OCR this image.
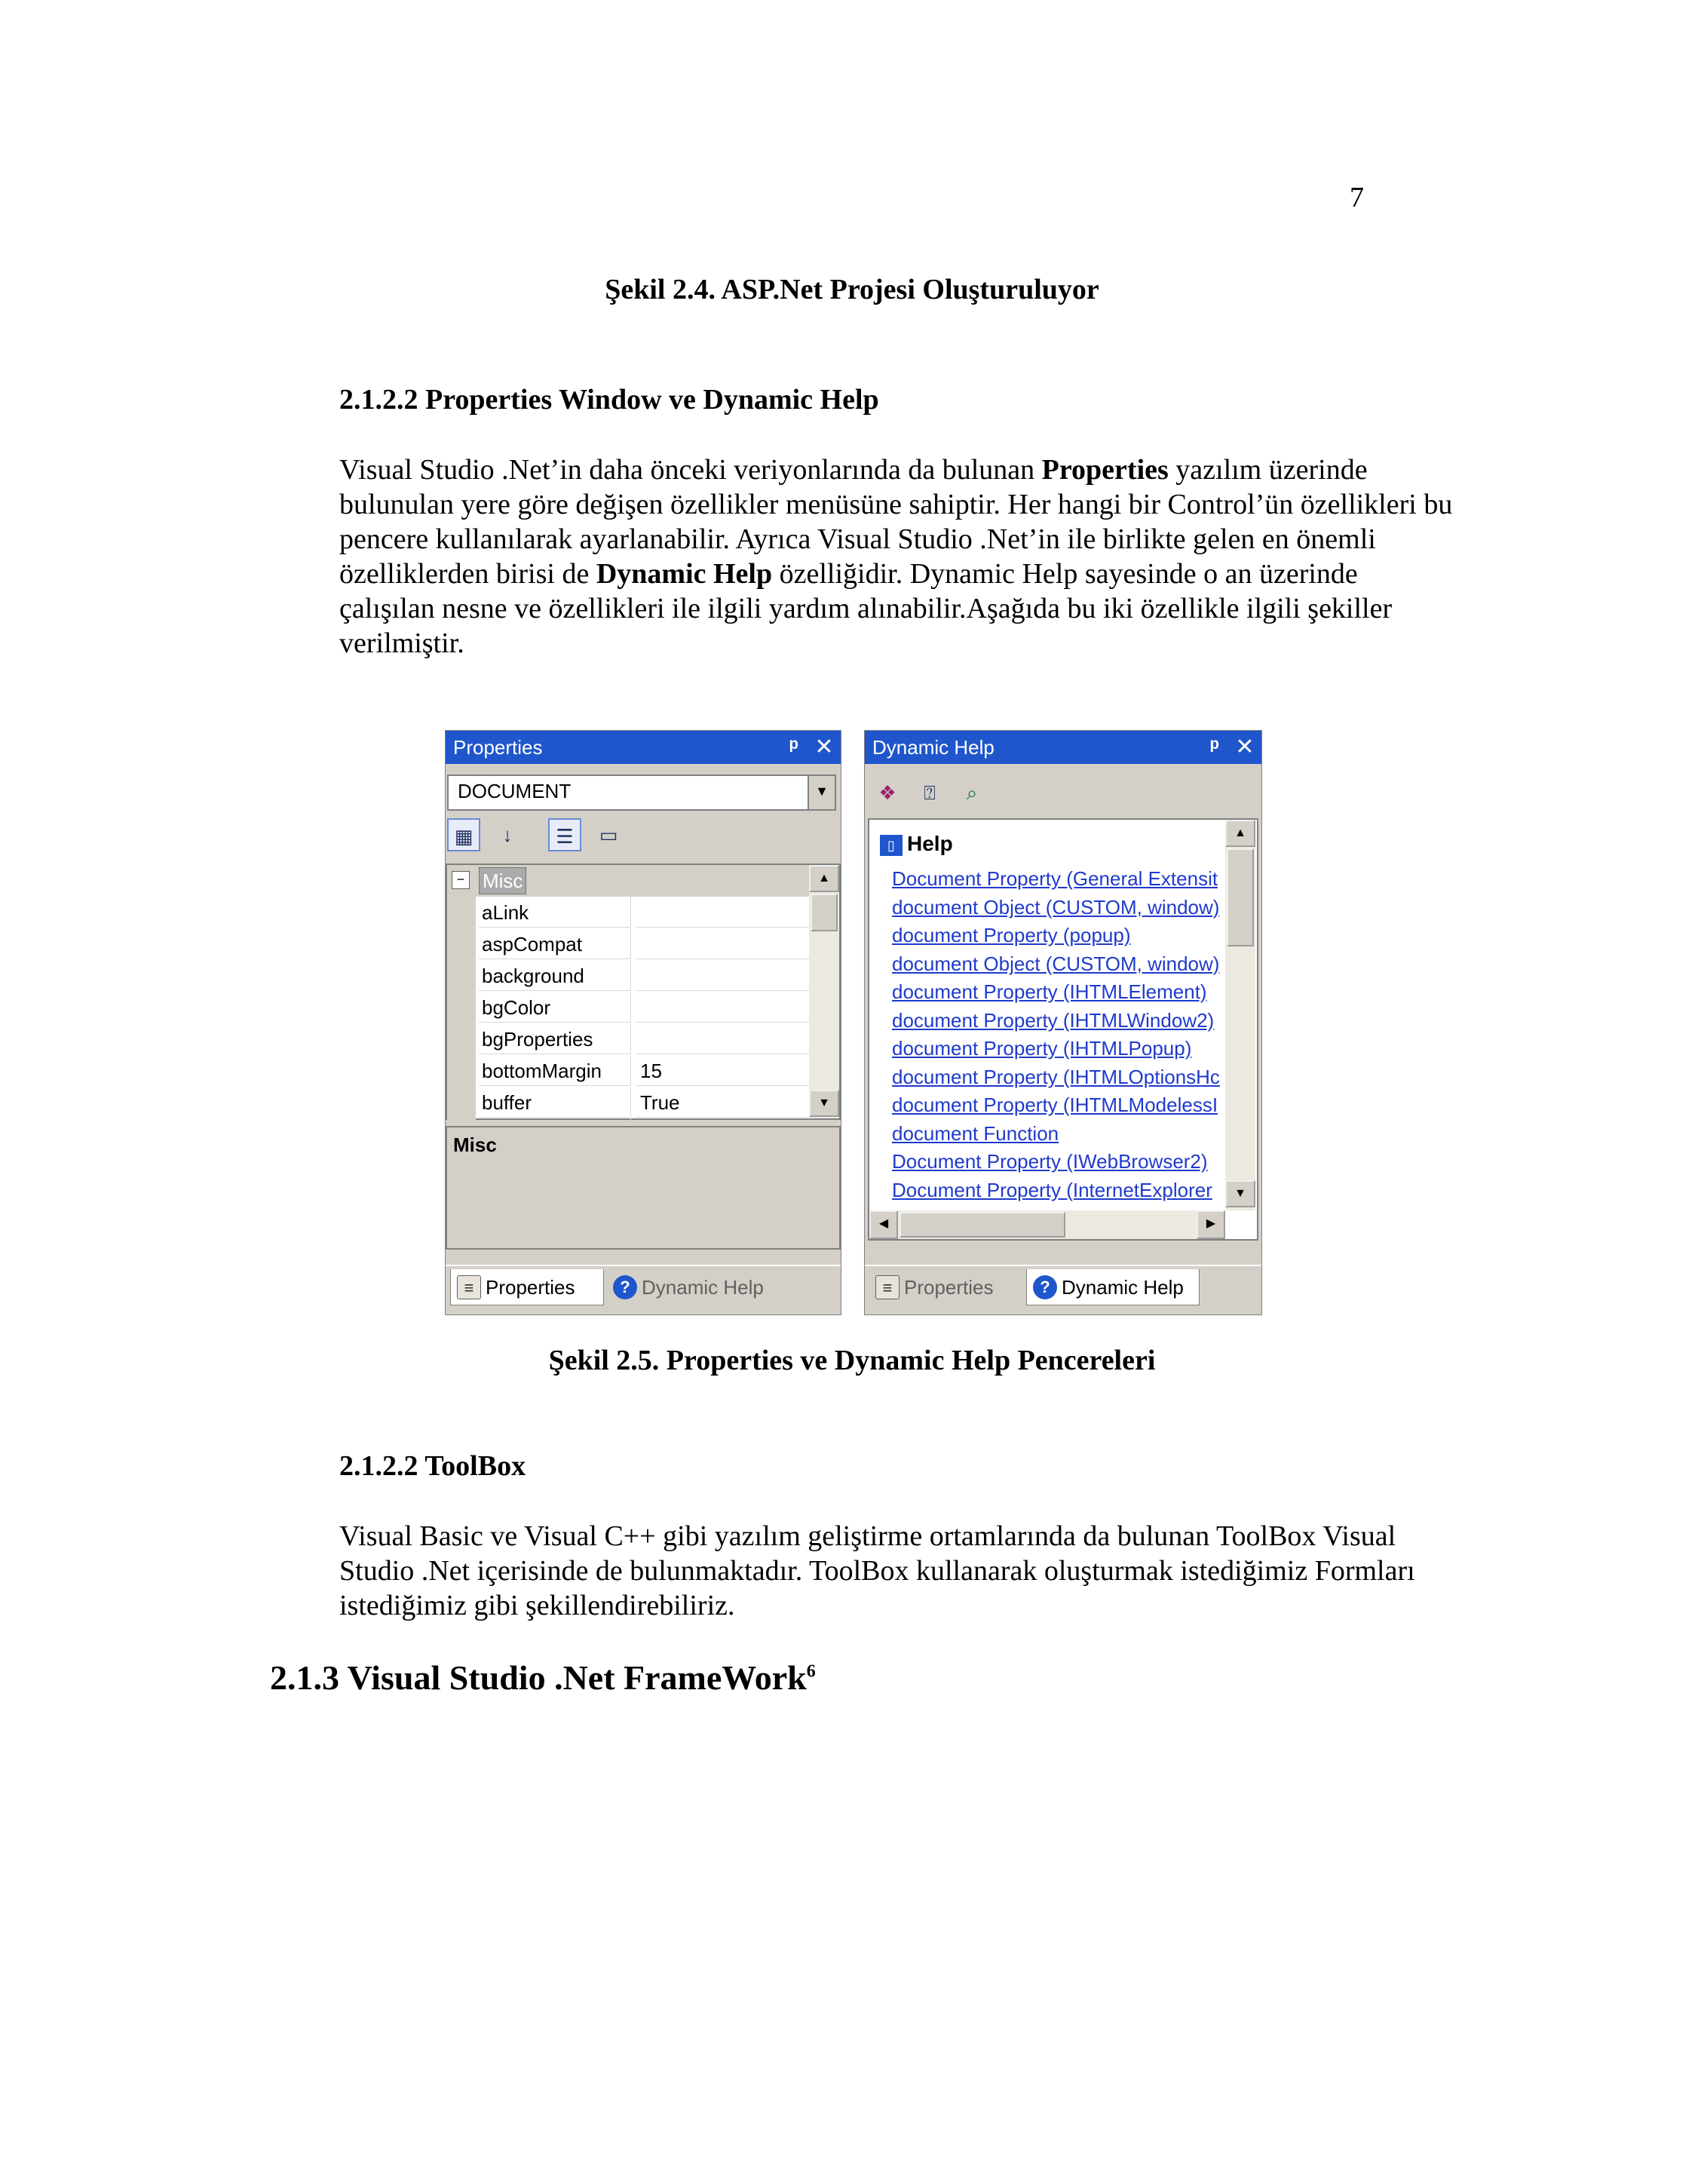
7
Şekil 2.4. ASP.Net Projesi Oluşturuluyor
2.1.2.2 Properties Window ve Dynamic Help

Visual Studio .Net’in daha önceki veriyonlarında da bulunan Properties yazılım üzerinde bulunulan yere göre değişen özellikler menüsüne sahiptir. Her hangi bir Control’ün özellikleri bu pencere kullanılarak ayarlanabilir. Ayrıca Visual Studio .Net’in ile birlikte gelen en önemli özelliklerden birisi de Dynamic Help özelliğidir. Dynamic Help sayesinde o an üzerinde çalışılan nesne ve özellikleri ile ilgili yardım alınabilir.Aşağıda bu iki özellikle ilgili şekiller verilmiştir.

Properties	ᵖ ✕
DOCUMENT	▼
▦	↓	☰	▭
− Misc
aLink
aspCompat
background
bgColor
bgProperties
bottomMargin	15
buffer	True
▲
▼
Misc
≡ Properties	? Dynamic Help
Dynamic Help	ᵖ ✕
❖	⍰	⌕
▯ Help
Document Property (General Extensit
document Object (CUSTOM, window)
document Property (popup)
document Object (CUSTOM, window)
document Property (IHTMLElement)
document Property (IHTMLWindow2)
document Property (IHTMLPopup)
document Property (IHTMLOptionsHc
document Property (IHTMLModelessI
document Function
Document Property (IWebBrowser2)
Document Property (InternetExplorer
▲
▼
◀	▶
≡ Properties	? Dynamic Help
Şekil 2.5. Properties ve Dynamic Help Pencereleri
2.1.2.2 ToolBox

Visual Basic ve Visual C++ gibi yazılım geliştirme ortamlarında da bulunan ToolBox Visual Studio .Net içerisinde de bulunmaktadır. ToolBox kullanarak oluşturmak istediğimiz Formları istediğimiz gibi şekillendirebiliriz.

2.1.3 Visual Studio .Net FrameWork$^6$
